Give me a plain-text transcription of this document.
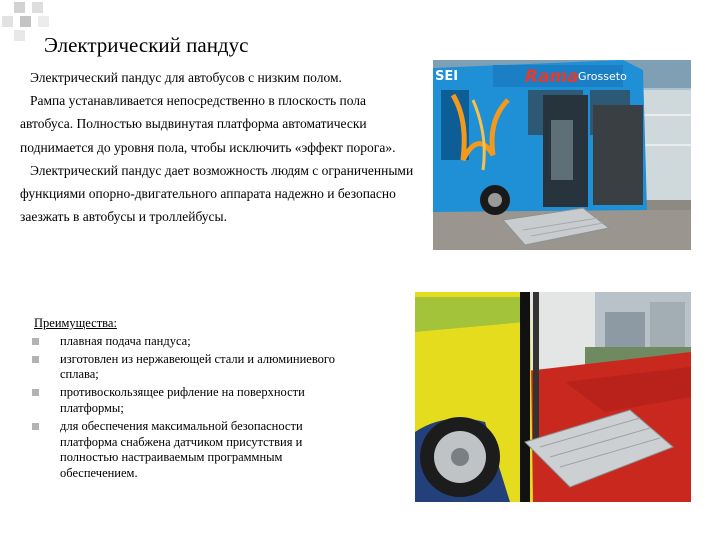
Электрический пандус

Электрический пандус для автобусов с низким полом.

Рампа устанавливается непосредственно в плоскость пола автобуса. Полностью выдвинутая платформа автоматически поднимается до уровня пола, чтобы исключить «эффект порога».

Электрический пандус дает возможность людям с ограниченными функциями опорно-двигательного аппарата надежно и безопасно заезжать в автобусы и троллейбусы.

Преимущества:
плавная подача пандуса;
изготовлен из нержавеющей стали и алюминиевого сплава;
противоскользящее рифление на поверхности платформы;
для обеспечения максимальной безопасности платформа снабжена датчиком присутствия и полностью настраиваемым программным обеспечением.
Rama Grosseto
SEI
